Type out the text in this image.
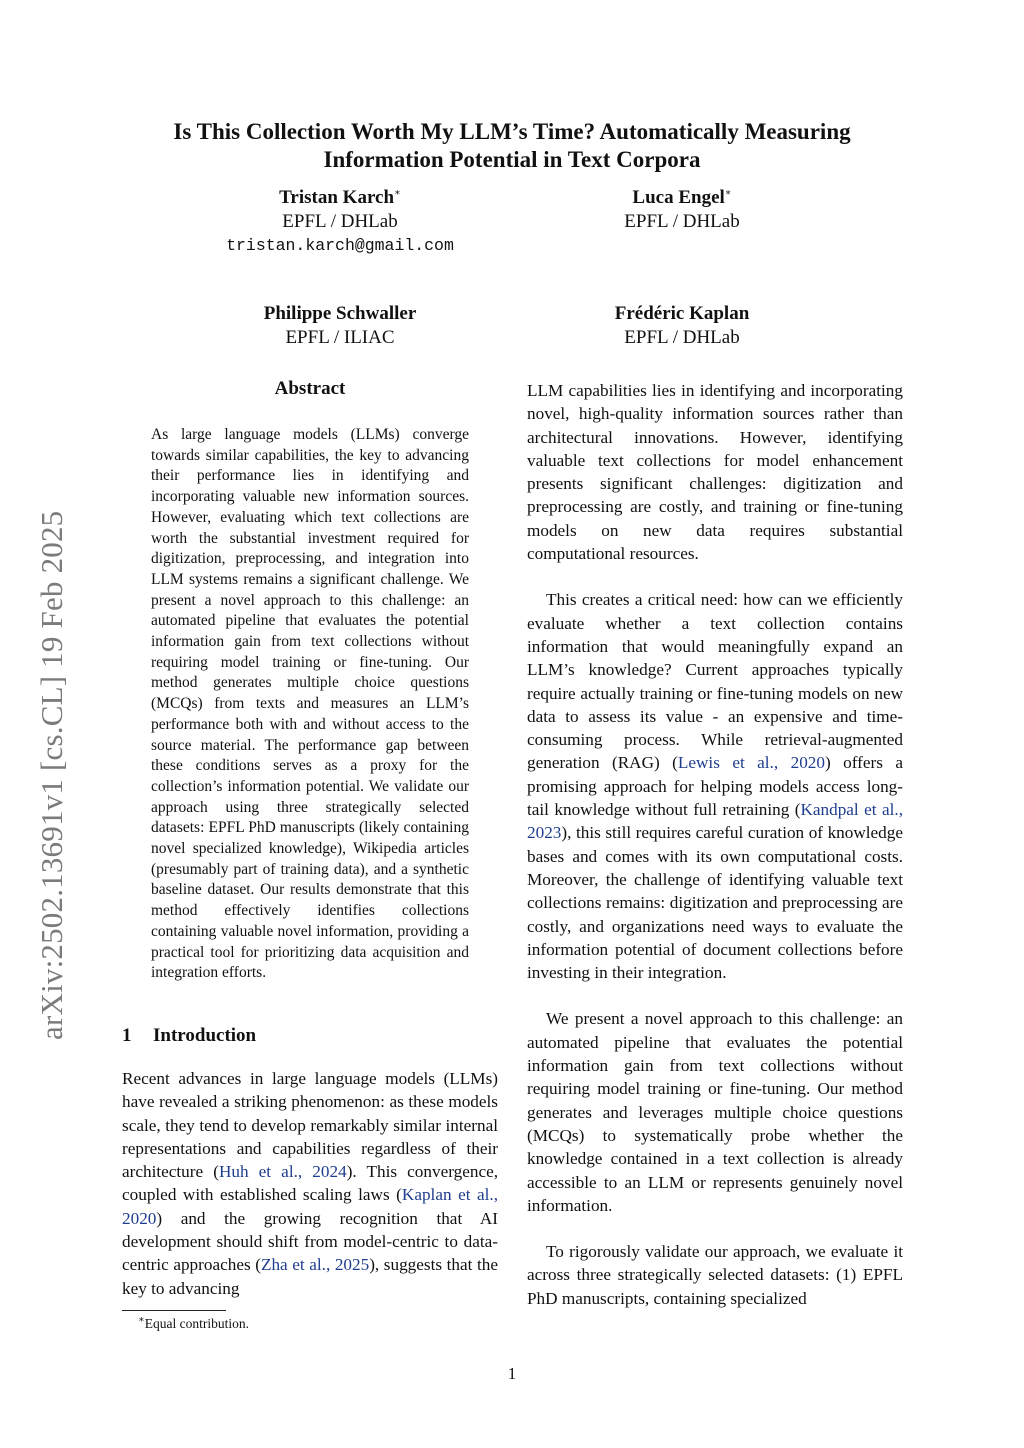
arXiv:2502.13691v1 [cs.CL] 19 Feb 2025
Is This Collection Worth My LLM’s Time? Automatically Measuring
Information Potential in Text Corpora
Tristan Karch∗
EPFL / DHLab
tristan.karch@gmail.com
Luca Engel∗
EPFL / DHLab
Philippe Schwaller
EPFL / ILIAC
Frédéric Kaplan
EPFL / DHLab
Abstract
As large language models (LLMs) converge towards similar capabilities, the key to advancing their performance lies in identifying and incorporating valuable new information sources. However, evaluating which text collections are worth the substantial investment required for digitization, preprocessing, and integration into LLM systems remains a significant challenge. We present a novel approach to this challenge: an automated pipeline that evaluates the potential information gain from text collections without requiring model training or fine-tuning. Our method generates multiple choice questions (MCQs) from texts and measures an LLM’s performance both with and without access to the source material. The performance gap between these conditions serves as a proxy for the collection’s information potential. We validate our approach using three strategically selected datasets: EPFL PhD manuscripts (likely containing novel specialized knowledge), Wikipedia articles (presumably part of training data), and a synthetic baseline dataset. Our results demonstrate that this method effectively identifies collections containing valuable novel information, providing a practical tool for prioritizing data acquisition and integration efforts.
1 Introduction

Recent advances in large language models (LLMs) have revealed a striking phenomenon: as these models scale, they tend to develop remarkably similar internal representations and capabilities regardless of their architecture (Huh et al., 2024). This convergence, coupled with established scaling laws (Kaplan et al., 2020) and the growing recognition that AI development should shift from model-centric to data-centric approaches (Zha et al., 2025), suggests that the key to advancing

LLM capabilities lies in identifying and incorporating novel, high-quality information sources rather than architectural innovations. However, identifying valuable text collections for model enhancement presents significant challenges: digitization and preprocessing are costly, and training or fine-tuning models on new data requires substantial computational resources.

This creates a critical need: how can we efficiently evaluate whether a text collection contains information that would meaningfully expand an LLM’s knowledge? Current approaches typically require actually training or fine-tuning models on new data to assess its value - an expensive and time-consuming process. While retrieval-augmented generation (RAG) (Lewis et al., 2020) offers a promising approach for helping models access long-tail knowledge without full retraining (Kandpal et al., 2023), this still requires careful curation of knowledge bases and comes with its own computational costs. Moreover, the challenge of identifying valuable text collections remains: digitization and preprocessing are costly, and organizations need ways to evaluate the information potential of document collections before investing in their integration.

We present a novel approach to this challenge: an automated pipeline that evaluates the potential information gain from text collections without requiring model training or fine-tuning. Our method generates and leverages multiple choice questions (MCQs) to systematically probe whether the knowledge contained in a text collection is already accessible to an LLM or represents genuinely novel information.

To rigorously validate our approach, we evaluate it across three strategically selected datasets: (1) EPFL PhD manuscripts, containing specialized

∗Equal contribution.
1
